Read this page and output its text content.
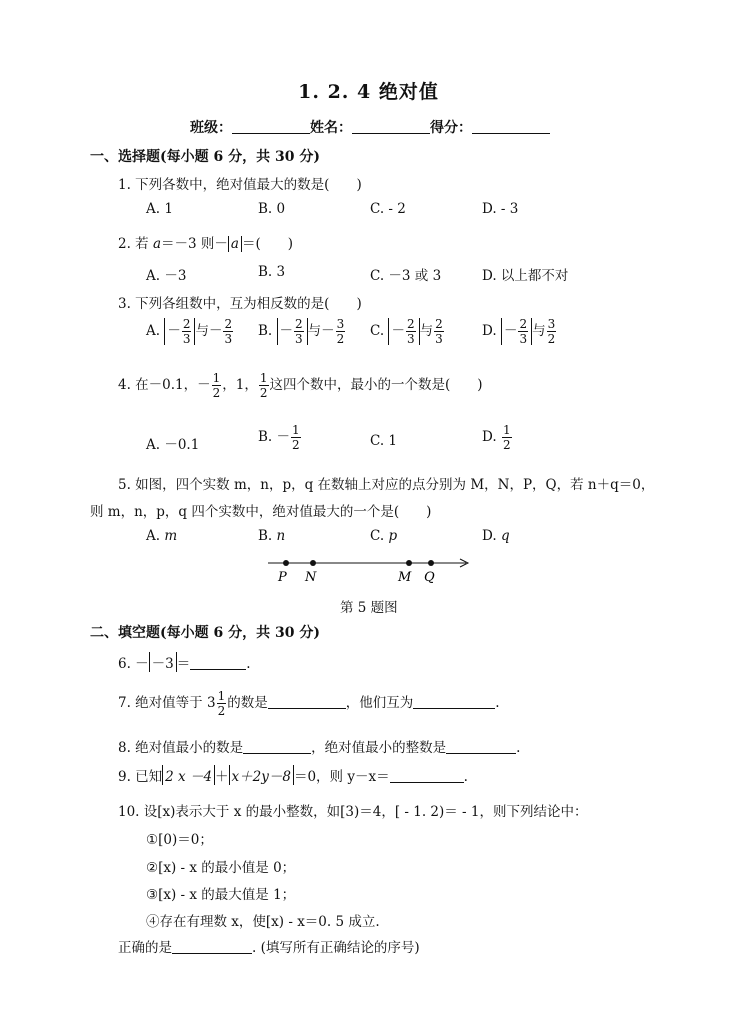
1. 2. 4 绝对值
班级：	姓名：	得分：
一、选择题(每小题 6 分，共 30 分)
1. 下列各数中，绝对值最大的数是(　　)
A. 1	B. 0	C. - 2	D. - 3
2. 若 a＝－3 则－ a ＝(　　)
A. －3	B. 3	C. －3 或 3	D. 以上都不对
3. 下列各组数中，互为相反数的是(　　)
A. － $\frac{2}{3}$ 与－ $\frac{2}{3} B$. － $\frac{2}{3}$ 与－ $\frac{3}{2} C$. － $\frac{2}{3}$ 与 $\frac{2}{3}$	D. － $\frac{2}{3}$ 与 $\frac{3}{2}$
4. 在－0.1，－ $\frac{1}{2}$ ，1， $\frac{1}{2}$ 这四个数中，最小的一个数是(　　)
A. －0.1	B. － $\frac{1}{2}$	C. 1	D. $\frac{1}{2}$
5. 如图，四个实数 m，n，p，q 在数轴上对应的点分别为 M，N，P，Q，若 n＋q＝0，
则 m，n，p，q 四个实数中，绝对值最大的一个是(　　)
A. m	B. n	C. p	D. q
P N	M Q
第 5 题图
二、填空题(每小题 6 分，共 30 分)
6. － －3 ＝	.
7. 绝对值等于 $3 \frac{1}{2}$ 的数是	，他们互为	.
8. 绝对值最小的数是	，绝对值最小的整数是	.
9. 已知 2 x －4 ＋ x＋2y－8 ＝0，则 y－x＝	.
10. 设[x)表示大于 x 的最小整数，如[3)＝4，[ - 1. 2)＝ - 1，则下列结论中：
①[0)＝0；
②[x) - x 的最小值是 0；
③[x) - x 的最大值是 1；
④存在有理数 x，使[x) - x＝0. 5 成立.
正确的是	. (填写所有正确结论的序号)
